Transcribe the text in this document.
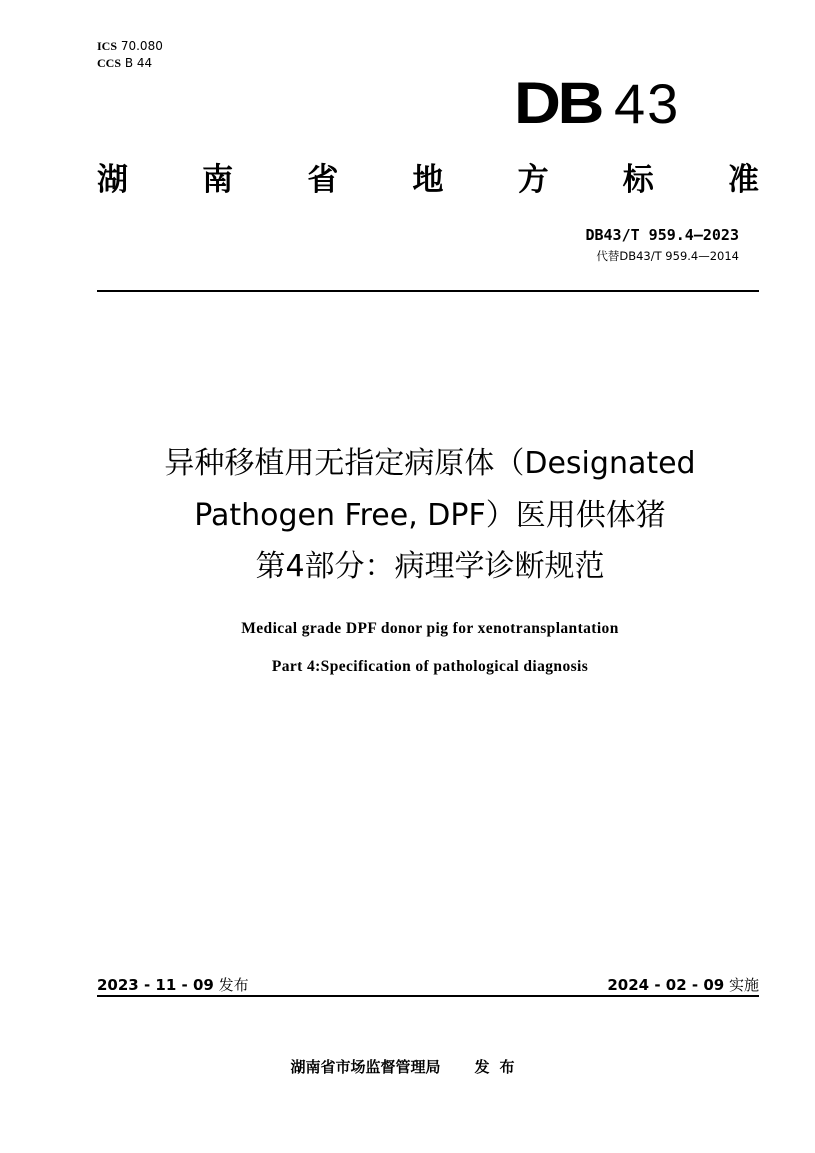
ICS 70.080
CCS B 44
DB 43
湖 南 省 地 方 标 准
DB43/T 959.4—2023
代替DB43/T 959.4—2014
异种移植用无指定病原体（Designated
Pathogen Free, DPF）医用供体猪
第4部分：病理学诊断规范
Medical grade DPF donor pig for xenotransplantation
Part 4:Specification of pathological diagnosis
2023 - 11 - 09 发布	2024 - 02 - 09 实施
湖南省市场监督管理局 发布
